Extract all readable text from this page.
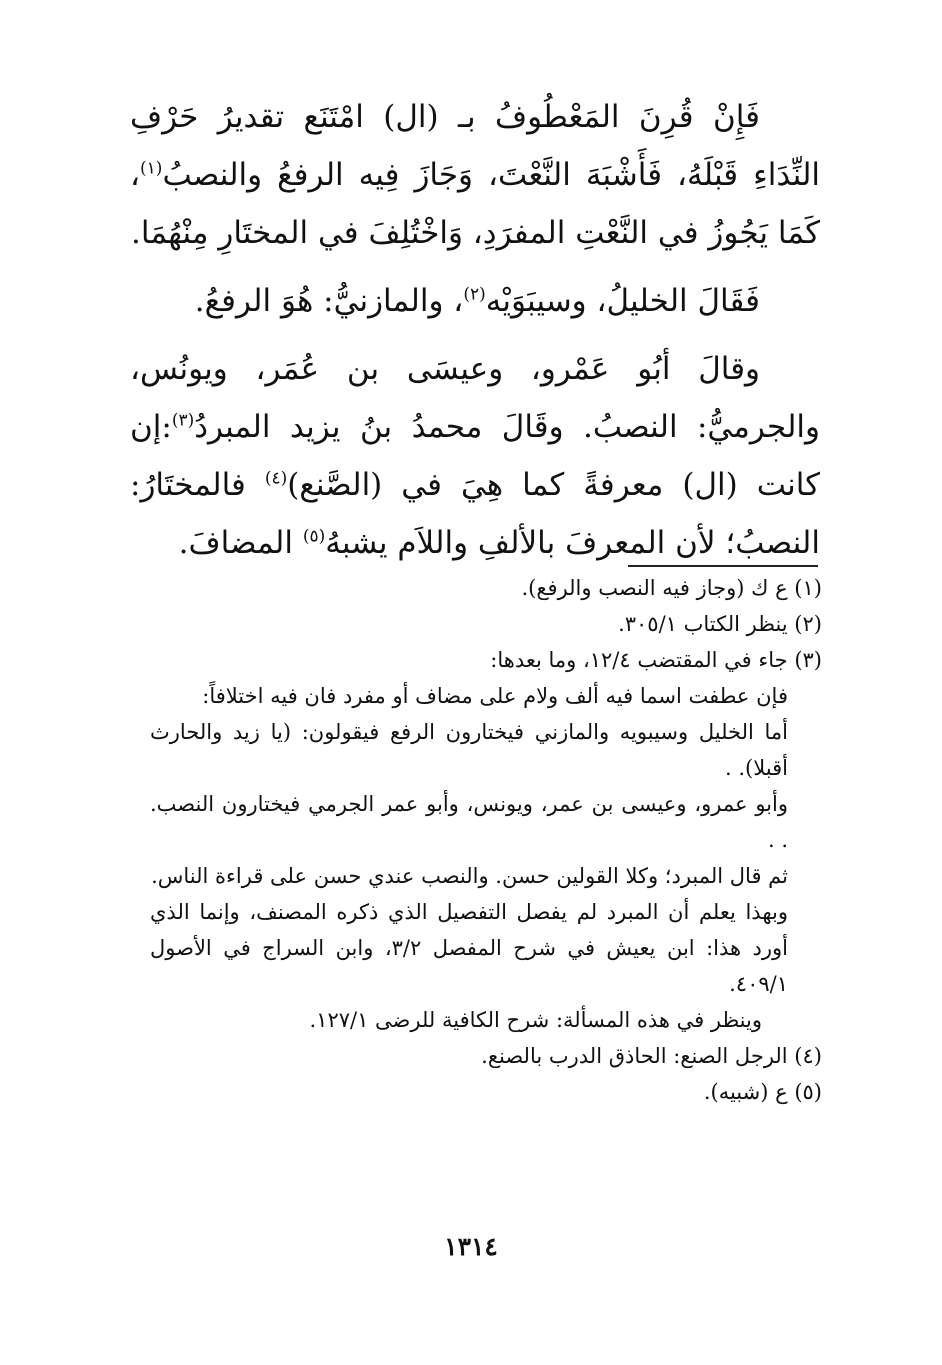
فَإِنْ قُرِنَ المَعْطُوفُ بـ (ال) امْتَنَع تقديرُ حَرْفِ النِّدَاءِ قَبْلَهُ، فَأَشْبَهَ النَّعْتَ، وَجَازَ فِيه الرفعُ والنصبُ$^{(١)}$، كَمَا يَجُوزُ في النَّعْتِ المفرَدِ، وَاخْتُلِفَ في المختَارِ مِنْهُمَا.

فَقَالَ الخليلُ، وسيبَوَيْه$^{(٢)}$، والمازنيُّ: هُوَ الرفعُ.

وقالَ أبُو عَمْرو، وعيسَى بن عُمَر، ويونُس، والجرميُّ: النصبُ. وقَالَ محمدُ بنُ يزيد المبردُ$^{(٣)}$:إن كانت (ال) معرفةً كما هِيَ في (الصَّنع)$^{(٤)}$ فالمختَارُ: النصبُ؛ لأن المعرفَ بالألفِ واللاَم يشبهُ$^{(٥)}$ المضافَ.

(١) ع ك (وجاز فيه النصب والرفع).

(٢) ينظر الكتاب ٣٠٥/١.

(٣) جاء في المقتضب ١٢/٤، وما بعدها:

فإن عطفت اسما فيه ألف ولام على مضاف أو مفرد فان فيه اختلافاً:

أما الخليل وسيبويه والمازني فيختارون الرفع فيقولون: (يا زيد والحارث أقبلا). .

وأبو عمرو، وعيسى بن عمر، ويونس، وأبو عمر الجرمي فيختارون النصب. . .

ثم قال المبرد؛ وكلا القولين حسن. والنصب عندي حسن على قراءة الناس.

وبهذا يعلم أن المبرد لم يفصل التفصيل الذي ذكره المصنف، وإنما الذي أورد هذا: ابن يعيش في شرح المفصل ٣/٢، وابن السراج في الأصول ٤٠٩/١.

وينظر في هذه المسألة: شرح الكافية للرضى ١٢٧/١.

(٤) الرجل الصنع: الحاذق الدرب بالصنع.

(٥) ع (شبيه).

١٣١٤
